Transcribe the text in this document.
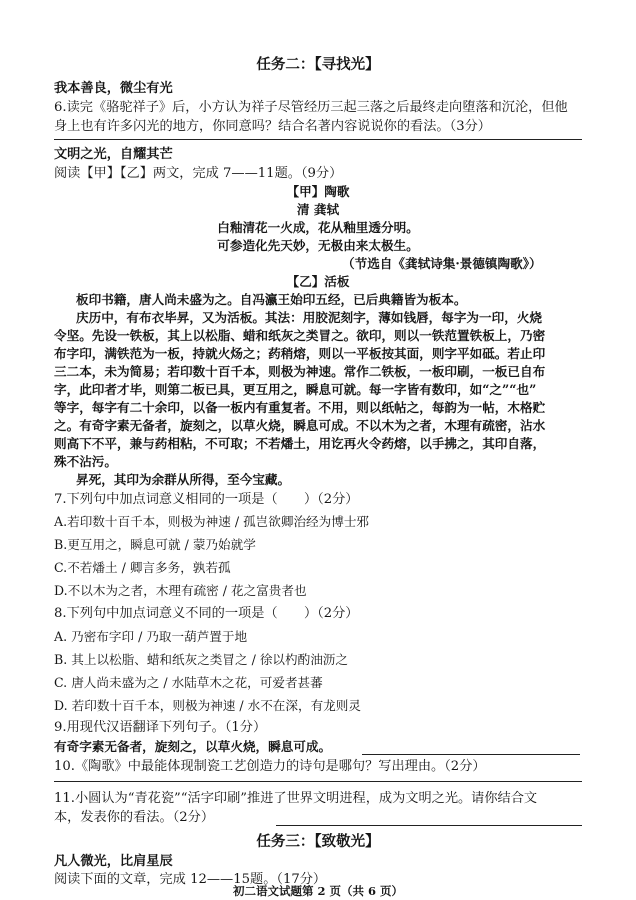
任务二：【寻找光】
我本善良，微尘有光
6.读完《骆驼祥子》后，小方认为祥子尽管经历三起三落之后最终走向堕落和沉沦，但他
身上也有许多闪光的地方，你同意吗？结合名著内容说说你的看法。（3分）
文明之光，自耀其芒
阅读【甲】【乙】两文，完成 7——11题。（9分）
【甲】陶歌
清 龚轼
白釉清花一火成，花从釉里透分明。
可参造化先天妙，无极由来太极生。
（节选自《龚轼诗集·景德镇陶歌》）
【乙】活板
板印书籍，唐人尚未盛为之。自冯瀛王始印五经，已后典籍皆为板本。
庆历中，有布衣毕昇，又为活板。其法：用胶泥刻字，薄如钱唇，每字为一印，火烧
令坚。先设一铁板，其上以松脂、蜡和纸灰之类冒之。欲印，则以一铁范置铁板上，乃密
布字印，满铁范为一板，持就火炀之；药稍熔，则以一平板按其面，则字平如砥。若止印
三二本，未为简易；若印数十百千本，则极为神速。常作二铁板，一板印刷，一板已自布
字，此印者才毕，则第二板已具，更互用之，瞬息可就。每一字皆有数印，如“之”“也”
等字，每字有二十余印，以备一板内有重复者。不用，则以纸帖之，每韵为一帖，木格贮
之。有奇字素无备者，旋刻之，以草火烧，瞬息可成。不以木为之者，木理有疏密，沾水
则高下不平，兼与药相粘，不可取；不若燔土，用讫再火令药熔，以手拂之，其印自落，
殊不沾污。
昇死，其印为余群从所得，至今宝藏。
7.下列句中加点词意义相同的一项是（　　）（2分）
A.若印数十百千本，则极为神速 / 孤岂欲卿治经为博士邪
B.更互用之，瞬息可就 / 蒙乃始就学
C.不若燔土 / 卿言多务，孰若孤
D.不以木为之者，木理有疏密 / 花之富贵者也
8.下列句中加点词意义不同的一项是（　　）（2分）
A. 乃密布字印 / 乃取一葫芦置于地
B. 其上以松脂、蜡和纸灰之类冒之 / 徐以杓酌油沥之
C. 唐人尚未盛为之 / 水陆草木之花，可爱者甚蕃
D. 若印数十百千本，则极为神速 / 水不在深，有龙则灵
9.用现代汉语翻译下列句子。（1分）
有奇字素无备者，旋刻之，以草火烧，瞬息可成。
10.《陶歌》中最能体现制瓷工艺创造力的诗句是哪句？写出理由。（2分）
11.小圆认为“青花瓷”“活字印刷”推进了世界文明进程，成为文明之光。请你结合文
本，发表你的看法。（2分）
任务三：【致敬光】
凡人微光，比肩星辰
阅读下面的文章，完成 12——15题。（17分）
初二语文试题第 2 页（共 6 页）
